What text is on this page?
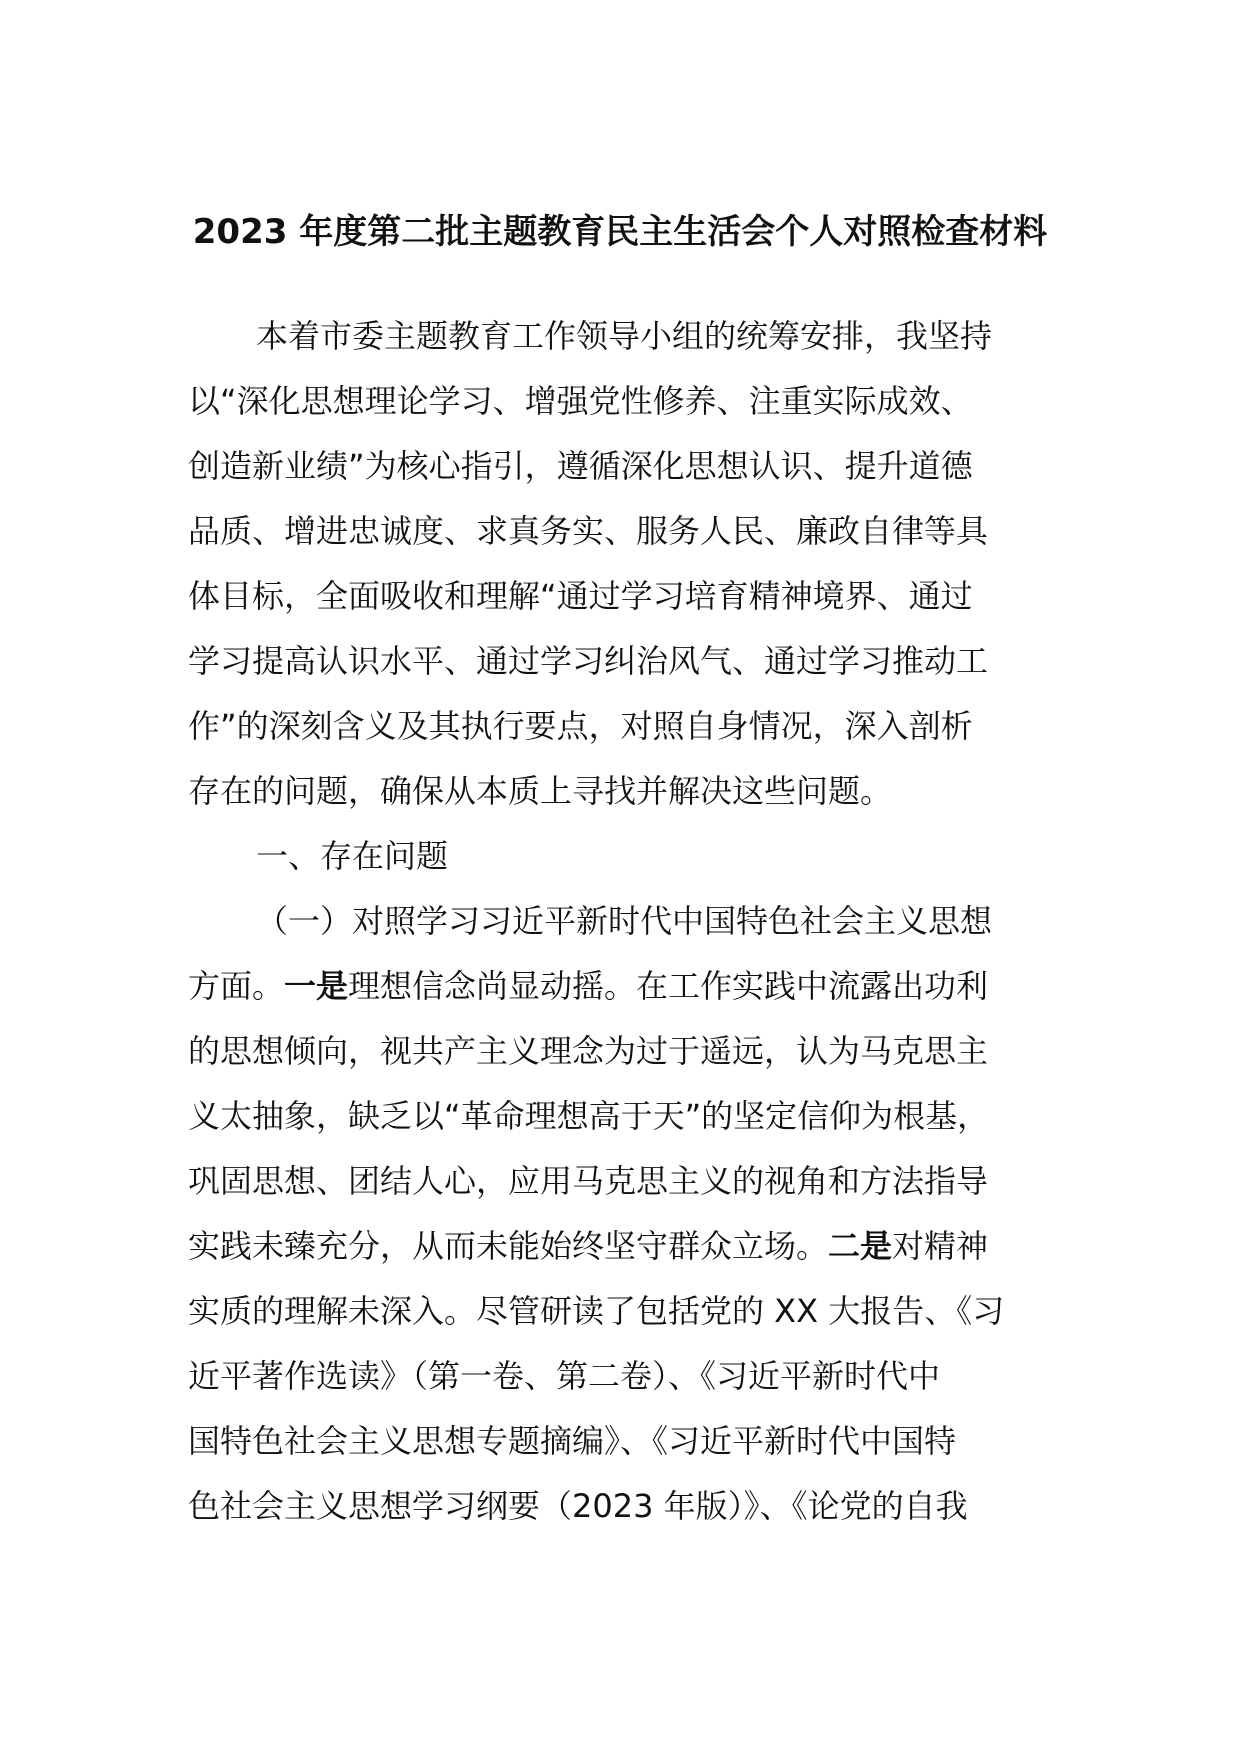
2023 年度第二批主题教育民主生活会个人对照检查材料
本着市委主题教育工作领导小组的统筹安排，我坚持
以“深化思想理论学习、增强党性修养、注重实际成效、
创造新业绩”为核心指引，遵循深化思想认识、提升道德
品质、增进忠诚度、求真务实、服务人民、廉政自律等具
体目标，全面吸收和理解“通过学习培育精神境界、通过
学习提高认识水平、通过学习纠治风气、通过学习推动工
作”的深刻含义及其执行要点，对照自身情况，深入剖析
存在的问题，确保从本质上寻找并解决这些问题。
一、存在问题
（一）对照学习习近平新时代中国特色社会主义思想
方面。一是理想信念尚显动摇。在工作实践中流露出功利
的思想倾向，视共产主义理念为过于遥远，认为马克思主
义太抽象，缺乏以“革命理想高于天”的坚定信仰为根基，
巩固思想、团结人心，应用马克思主义的视角和方法指导
实践未臻充分，从而未能始终坚守群众立场。二是对精神
实质的理解未深入。尽管研读了包括党的 XX 大报告、《习
近平著作选读》（第一卷、第二卷）、《习近平新时代中
国特色社会主义思想专题摘编》、《习近平新时代中国特
色社会主义思想学习纲要（2023 年版）》、《论党的自我
